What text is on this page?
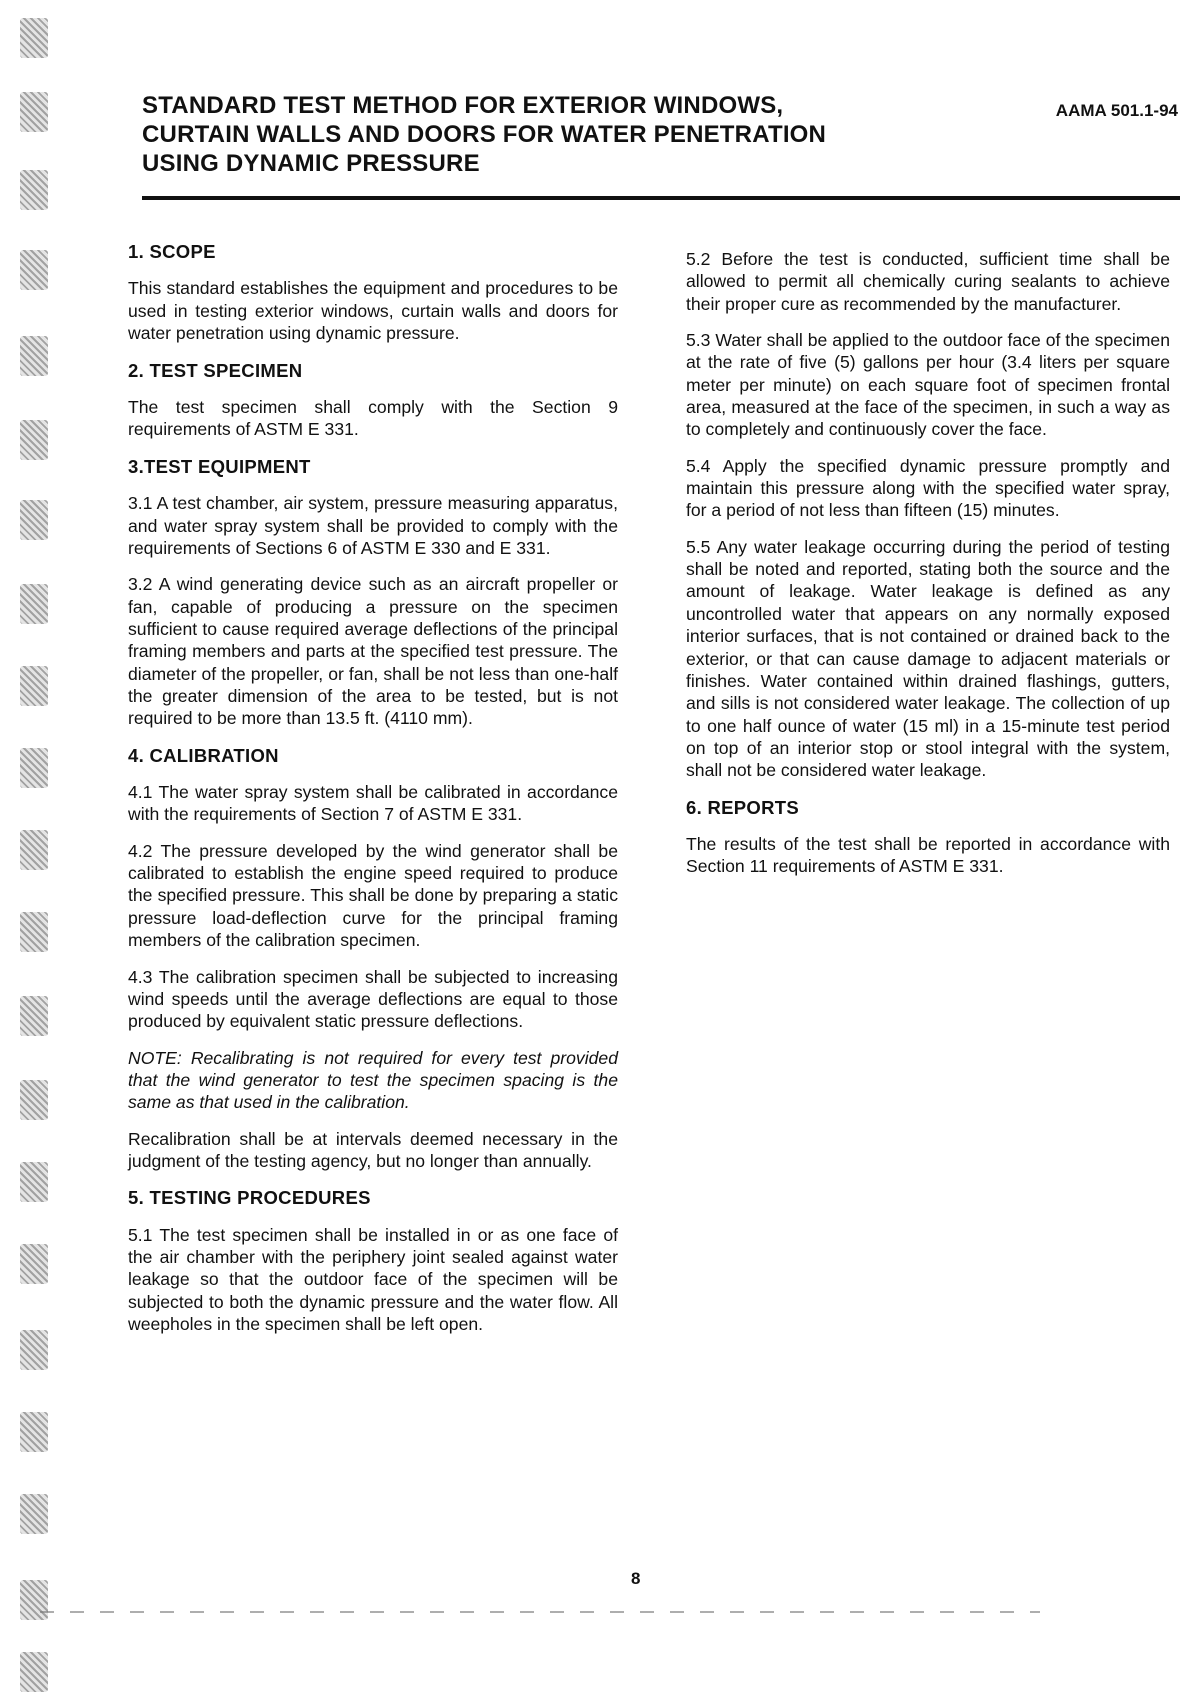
STANDARD TEST METHOD FOR EXTERIOR WINDOWS,
CURTAIN WALLS AND DOORS FOR WATER PENETRATION
USING DYNAMIC PRESSURE
AAMA 501.1-94
1. SCOPE

This standard establishes the equipment and procedures to be used in testing exterior windows, curtain walls and doors for water penetration using dynamic pressure.

2. TEST SPECIMEN

The test specimen shall comply with the Section 9 requirements of ASTM E 331.

3.TEST EQUIPMENT

3.1 A test chamber, air system, pressure measuring apparatus, and water spray system shall be provided to comply with the requirements of Sections 6 of ASTM E 330 and E 331.

3.2 A wind generating device such as an aircraft propeller or fan, capable of producing a pressure on the specimen sufficient to cause required average deflections of the principal framing members and parts at the specified test pressure. The diameter of the propeller, or fan, shall be not less than one-half the greater dimension of the area to be tested, but is not required to be more than 13.5 ft. (4110 mm).

4. CALIBRATION

4.1 The water spray system shall be calibrated in accordance with the requirements of Section 7 of ASTM E 331.

4.2 The pressure developed by the wind generator shall be calibrated to establish the engine speed required to produce the specified pressure. This shall be done by preparing a static pressure load-deflection curve for the principal framing members of the calibration specimen.

4.3 The calibration specimen shall be subjected to increasing wind speeds until the average deflections are equal to those produced by equivalent static pressure deflections.

NOTE: Recalibrating is not required for every test provided that the wind generator to test the specimen spacing is the same as that used in the calibration.

Recalibration shall be at intervals deemed necessary in the judgment of the testing agency, but no longer than annually.

5. TESTING PROCEDURES

5.1 The test specimen shall be installed in or as one face of the air chamber with the periphery joint sealed against water leakage so that the outdoor face of the specimen will be subjected to both the dynamic pressure and the water flow. All weepholes in the specimen shall be left open.

5.2 Before the test is conducted, sufficient time shall be allowed to permit all chemically curing sealants to achieve their proper cure as recommended by the manufacturer.

5.3 Water shall be applied to the outdoor face of the specimen at the rate of five (5) gallons per hour (3.4 liters per square meter per minute) on each square foot of specimen frontal area, measured at the face of the specimen, in such a way as to completely and continuously cover the face.

5.4 Apply the specified dynamic pressure promptly and maintain this pressure along with the specified water spray, for a period of not less than fifteen (15) minutes.

5.5 Any water leakage occurring during the period of testing shall be noted and reported, stating both the source and the amount of leakage. Water leakage is defined as any uncontrolled water that appears on any normally exposed interior surfaces, that is not contained or drained back to the exterior, or that can cause damage to adjacent materials or finishes. Water contained within drained flashings, gutters, and sills is not considered water leakage. The collection of up to one half ounce of water (15 ml) in a 15-minute test period on top of an interior stop or stool integral with the system, shall not be considered water leakage.

6. REPORTS

The results of the test shall be reported in accordance with Section 11 requirements of ASTM E 331.

8
